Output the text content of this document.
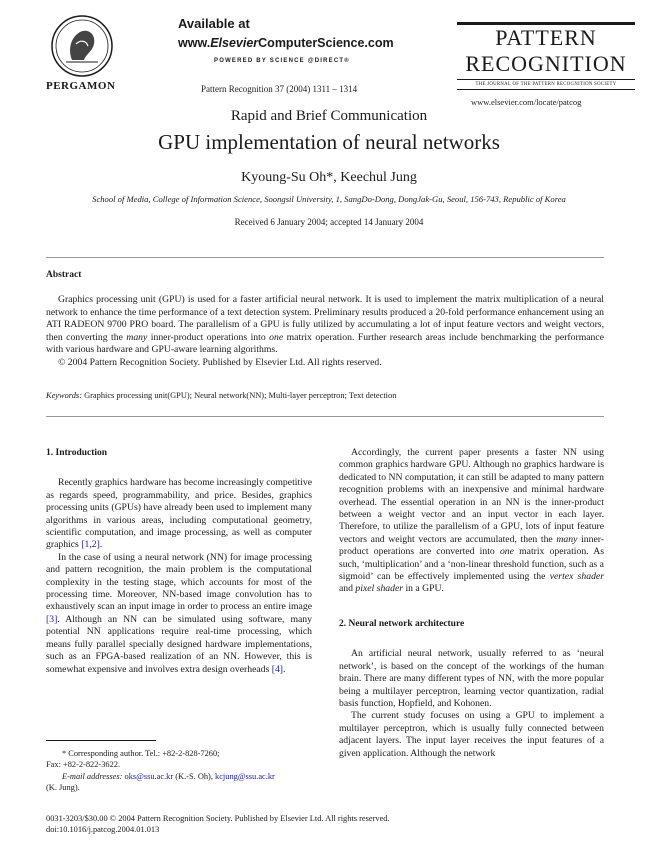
PERGAMON
Available at
www.ElsevierComputerScience.com
POWERED BY SCIENCE @DIRECT®
Pattern Recognition 37 (2004) 1311 – 1314
PATTERN
RECOGNITION
THE JOURNAL OF THE PATTERN RECOGNITION SOCIETY
www.elsevier.com/locate/patcog
Rapid and Brief Communication
GPU implementation of neural networks
Kyoung-Su Oh*, Keechul Jung
School of Media, College of Information Science, Soongsil University, 1, SangDo-Dong, DongJak-Gu, Seoul, 156-743, Republic of Korea
Received 6 January 2004; accepted 14 January 2004
Abstract
Graphics processing unit (GPU) is used for a faster artificial neural network. It is used to implement the matrix multiplication of a neural network to enhance the time performance of a text detection system. Preliminary results produced a 20-fold performance enhancement using an ATI RADEON 9700 PRO board. The parallelism of a GPU is fully utilized by accumulating a lot of input feature vectors and weight vectors, then converting the many inner-product operations into one matrix operation. Further research areas include benchmarking the performance with various hardware and GPU-aware learning algorithms.
© 2004 Pattern Recognition Society. Published by Elsevier Ltd. All rights reserved.
Keywords: Graphics processing unit(GPU); Neural network(NN); Multi-layer perceptron; Text detection
1. Introduction

Recently graphics hardware has become increasingly competitive as regards speed, programmability, and price. Besides, graphics processing units (GPUs) have already been used to implement many algorithms in various areas, including computational geometry, scientific computation, and image processing, as well as computer graphics [1,2].

In the case of using a neural network (NN) for image processing and pattern recognition, the main problem is the computational complexity in the testing stage, which accounts for most of the processing time. Moreover, NN-based image convolution has to exhaustively scan an input image in order to process an entire image [3]. Although an NN can be simulated using software, many potential NN applications require real-time processing, which means fully parallel specially designed hardware implementations, such as an FPGA-based realization of an NN. However, this is somewhat expensive and involves extra design overheads [4].

Accordingly, the current paper presents a faster NN using common graphics hardware GPU. Although no graphics hardware is dedicated to NN computation, it can still be adapted to many pattern recognition problems with an inexpensive and minimal hardware overhead. The essential operation in an NN is the inner-product between a weight vector and an input vector in each layer. Therefore, to utilize the parallelism of a GPU, lots of input feature vectors and weight vectors are accumulated, then the many inner-product operations are converted into one matrix operation. As such, ‘multiplication’ and a ‘non-linear threshold function, such as a sigmoid’ can be effectively implemented using the vertex shader and pixel shader in a GPU.

2. Neural network architecture

An artificial neural network, usually referred to as ‘neural network’, is based on the concept of the workings of the human brain. There are many different types of NN, with the more popular being a multilayer perceptron, learning vector quantization, radial basis function, Hopfield, and Kohonen.

The current study focuses on using a GPU to implement a multilayer perceptron, which is usually fully connected between adjacent layers. The input layer receives the input features of a given application. Although the network

* Corresponding author. Tel.: +82-2-828-7260;
Fax: +82-2-822-3622.
E-mail addresses: oks@ssu.ac.kr (K.-S. Oh), kcjung@ssu.ac.kr
(K. Jung).
0031-3203/$30.00 © 2004 Pattern Recognition Society. Published by Elsevier Ltd. All rights reserved.
doi:10.1016/j.patcog.2004.01.013
